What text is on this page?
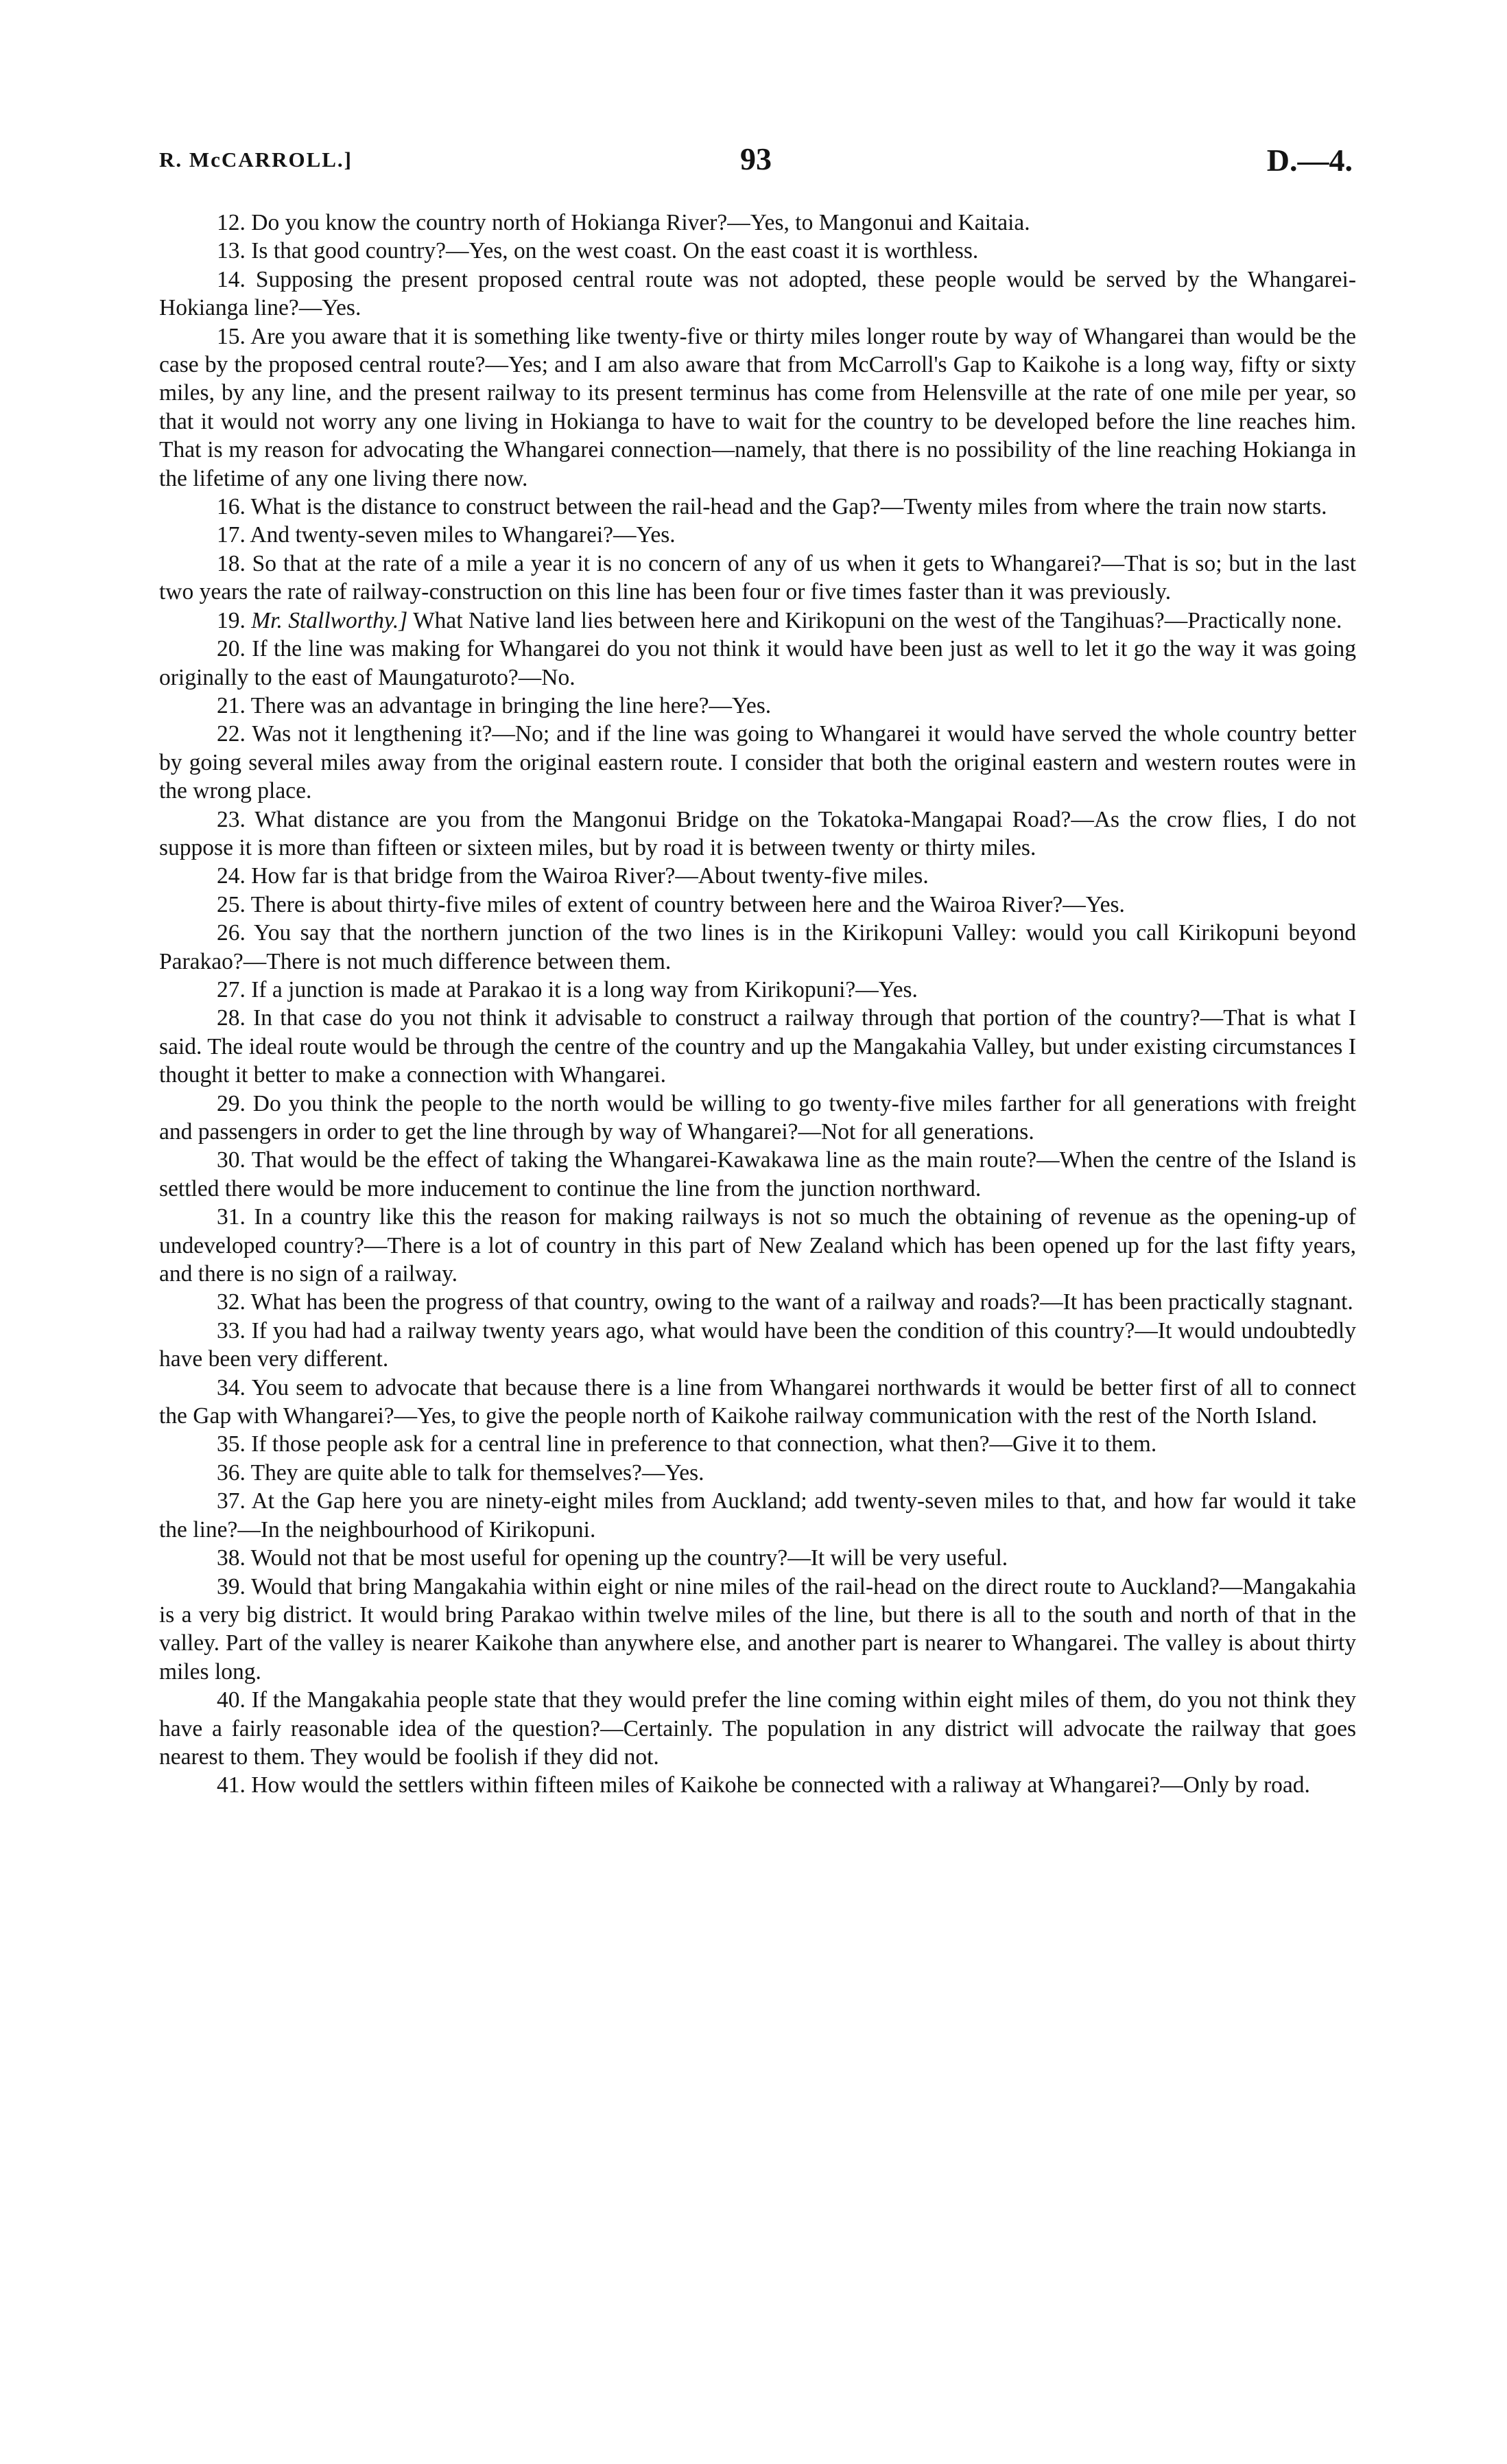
R. McCARROLL.]	93	D.—4.

12. Do you know the country north of Hokianga River?—Yes, to Mangonui and Kaitaia.

13. Is that good country?—Yes, on the west coast. On the east coast it is worthless.

14. Supposing the present proposed central route was not adopted, these people would be served by the Whangarei-Hokianga line?—Yes.

15. Are you aware that it is something like twenty-five or thirty miles longer route by way of Whangarei than would be the case by the proposed central route?—Yes; and I am also aware that from McCarroll's Gap to Kaikohe is a long way, fifty or sixty miles, by any line, and the present railway to its present terminus has come from Helensville at the rate of one mile per year, so that it would not worry any one living in Hokianga to have to wait for the country to be developed before the line reaches him. That is my reason for advocating the Whangarei connection—namely, that there is no possibility of the line reaching Hokianga in the lifetime of any one living there now.

16. What is the distance to construct between the rail-head and the Gap?—Twenty miles from where the train now starts.

17. And twenty-seven miles to Whangarei?—Yes.

18. So that at the rate of a mile a year it is no concern of any of us when it gets to Whangarei?—That is so; but in the last two years the rate of railway-construction on this line has been four or five times faster than it was previously.

19. Mr. Stallworthy.] What Native land lies between here and Kirikopuni on the west of the Tangihuas?—Practically none.

20. If the line was making for Whangarei do you not think it would have been just as well to let it go the way it was going originally to the east of Maungaturoto?—No.

21. There was an advantage in bringing the line here?—Yes.

22. Was not it lengthening it?—No; and if the line was going to Whangarei it would have served the whole country better by going several miles away from the original eastern route. I consider that both the original eastern and western routes were in the wrong place.

23. What distance are you from the Mangonui Bridge on the Tokatoka-Mangapai Road?—As the crow flies, I do not suppose it is more than fifteen or sixteen miles, but by road it is between twenty or thirty miles.

24. How far is that bridge from the Wairoa River?—About twenty-five miles.

25. There is about thirty-five miles of extent of country between here and the Wairoa River?—Yes.

26. You say that the northern junction of the two lines is in the Kirikopuni Valley: would you call Kirikopuni beyond Parakao?—There is not much difference between them.

27. If a junction is made at Parakao it is a long way from Kirikopuni?—Yes.

28. In that case do you not think it advisable to construct a railway through that portion of the country?—That is what I said. The ideal route would be through the centre of the country and up the Mangakahia Valley, but under existing circumstances I thought it better to make a connection with Whangarei.

29. Do you think the people to the north would be willing to go twenty-five miles farther for all generations with freight and passengers in order to get the line through by way of Whangarei?—Not for all generations.

30. That would be the effect of taking the Whangarei-Kawakawa line as the main route?—When the centre of the Island is settled there would be more inducement to continue the line from the junction northward.

31. In a country like this the reason for making railways is not so much the obtaining of revenue as the opening-up of undeveloped country?—There is a lot of country in this part of New Zealand which has been opened up for the last fifty years, and there is no sign of a railway.

32. What has been the progress of that country, owing to the want of a railway and roads?—It has been practically stagnant.

33. If you had had a railway twenty years ago, what would have been the condition of this country?—It would undoubtedly have been very different.

34. You seem to advocate that because there is a line from Whangarei northwards it would be better first of all to connect the Gap with Whangarei?—Yes, to give the people north of Kaikohe railway communication with the rest of the North Island.

35. If those people ask for a central line in preference to that connection, what then?—Give it to them.

36. They are quite able to talk for themselves?—Yes.

37. At the Gap here you are ninety-eight miles from Auckland; add twenty-seven miles to that, and how far would it take the line?—In the neighbourhood of Kirikopuni.

38. Would not that be most useful for opening up the country?—It will be very useful.

39. Would that bring Mangakahia within eight or nine miles of the rail-head on the direct route to Auckland?—Mangakahia is a very big district. It would bring Parakao within twelve miles of the line, but there is all to the south and north of that in the valley. Part of the valley is nearer Kaikohe than anywhere else, and another part is nearer to Whangarei. The valley is about thirty miles long.

40. If the Mangakahia people state that they would prefer the line coming within eight miles of them, do you not think they have a fairly reasonable idea of the question?—Certainly. The population in any district will advocate the railway that goes nearest to them. They would be foolish if they did not.

41. How would the settlers within fifteen miles of Kaikohe be connected with a raliway at Whangarei?—Only by road.
